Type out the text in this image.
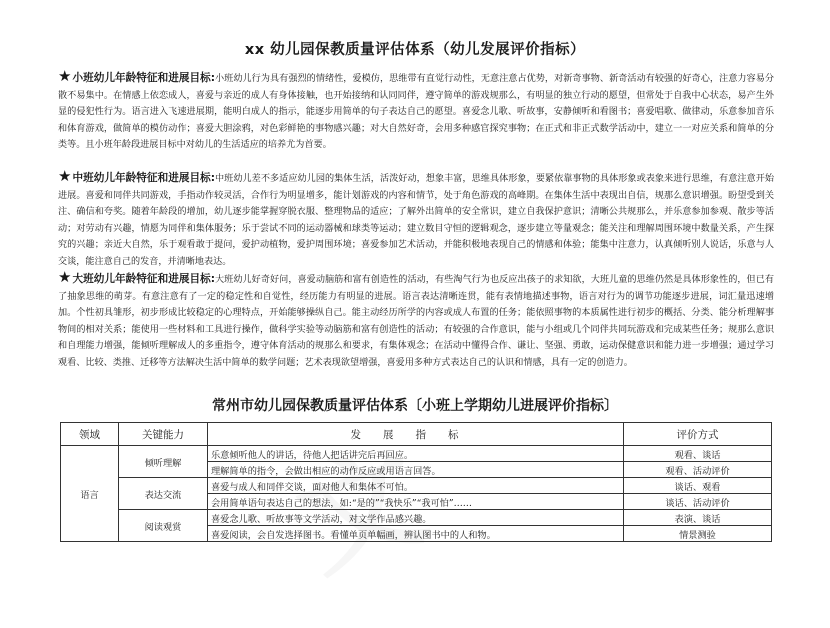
xx 幼儿园保教质量评估体系（幼儿发展评价指标）
★小班幼儿年龄特征和进展目标:小班幼儿行为具有强烈的情绪性，爱模仿，思维带有直觉行动性，无意注意占优势，对新奇事物、新奇活动有较强的好奇心，注意力容易分散不易集中。在情感上依恋成人，喜爱与亲近的成人有身体接触，也开始接纳和认同同伴，遵守简单的游戏规那么，有明显的独立行动的愿望，但常处于自我中心状态，易产生外显的侵犯性行为。语言进入飞速进展期，能明白成人的指示，能逐步用简单的句子表达自己的愿望。喜爱念儿歌、听故事，安静倾听和看图书；喜爱唱歌、做律动，乐意参加音乐和体育游戏，做简单的模仿动作；喜爱大胆涂鸦，对色彩鲜艳的事物感兴趣；对大自然好奇，会用多种感官探究事物；在正式和非正式数学活动中，建立一一对应关系和简单的分类等。且小班年龄段进展目标中对幼儿的生活适应的培养尤为首要。
★中班幼儿年龄特征和进展目标:中班幼儿差不多适应幼儿园的集体生活，活泼好动，想象丰富，思维具体形象，要紧依靠事物的具体形象或表象来进行思维，有意注意开始进展。喜爱和同伴共同游戏，手指动作较灵活，合作行为明显增多，能计划游戏的内容和情节，处于角色游戏的高峰期。在集体生活中表现出自信，规那么意识增强。盼望受到关注、确信和夸奖。随着年龄段的增加，幼儿逐步能掌握穿脱衣服、整理物品的适应；了解外出简单的安全常识，建立自我保护意识；清晰公共规那么，并乐意参加参观、散步等活动；对劳动有兴趣，情愿为同伴和集体服务；乐于尝试不同的运动器械和球类等运动；建立数目守恒的逻辑观念，逐步建立等量观念；能关注和理解周围环境中数量关系，产生探究的兴趣；亲近大自然，乐于观看敢于提问，爱护动植物，爱护周围环境；喜爱参加艺术活动，并能积极地表现自己的情感和体验；能集中注意力，认真倾听别人说话，乐意与人交谈，能注意自己的发音，并清晰地表达。
★大班幼儿年龄特征和进展目标:大班幼儿好奇好问，喜爱动脑筋和富有创造性的活动，有些淘气行为也反应出孩子的求知欲，大班儿童的思维仍然是具体形象性的，但已有了抽象思维的萌芽。有意注意有了一定的稳定性和自觉性，经历能力有明显的进展。语言表达清晰连贯，能有表情地描述事物，语言对行为的调节功能逐步进展，词汇量迅速增加。个性初具雏形，初步形成比较稳定的心理特点，开始能够操纵自己。能主动经历所学的内容或成人布置的任务；能依照事物的本质属性进行初步的概括、分类、能分析理解事物间的相对关系；能使用一些材料和工具进行操作，做科学实验等动脑筋和富有创造性的活动；有较强的合作意识，能与小组或几个同伴共同玩游戏和完成某些任务；规那么意识和自理能力增强，能倾听理解成人的多重指令，遵守体育活动的规那么和要求，有集体观念；在活动中懂得合作、谦让、坚强、勇敢，运动保健意识和能力进一步增强；通过学习观看、比较、类推、迁移等方法解决生活中简单的数学问题；艺术表现欲望增强，喜爱用多种方式表达自己的认识和情感，具有一定的创造力。
常州市幼儿园保教质量评估体系〔小班上学期幼儿进展评价指标〕
领域	关键能力	发展指标	评价方式
语言	倾听理解	乐意倾听他人的讲话，待他人把话讲完后再回应。	观看、谈话
		理解简单的指令，会做出相应的动作反应或用语言回答。	观看、活动评价
	表达交流	喜爱与成人和同伴交谈，面对他人和集体不可怕。	谈话、观看
		会用简单语句表达自己的想法，如:“是的”“我快乐”“我可怕”……	谈话、活动评价
	阅读观赏	喜爱念儿歌、听故事等文学活动，对文学作品感兴趣。	表演、谈话
		喜爱阅读，会自发选择图书。看懂单页单幅画，辨认图书中的人和物。	情景测验
